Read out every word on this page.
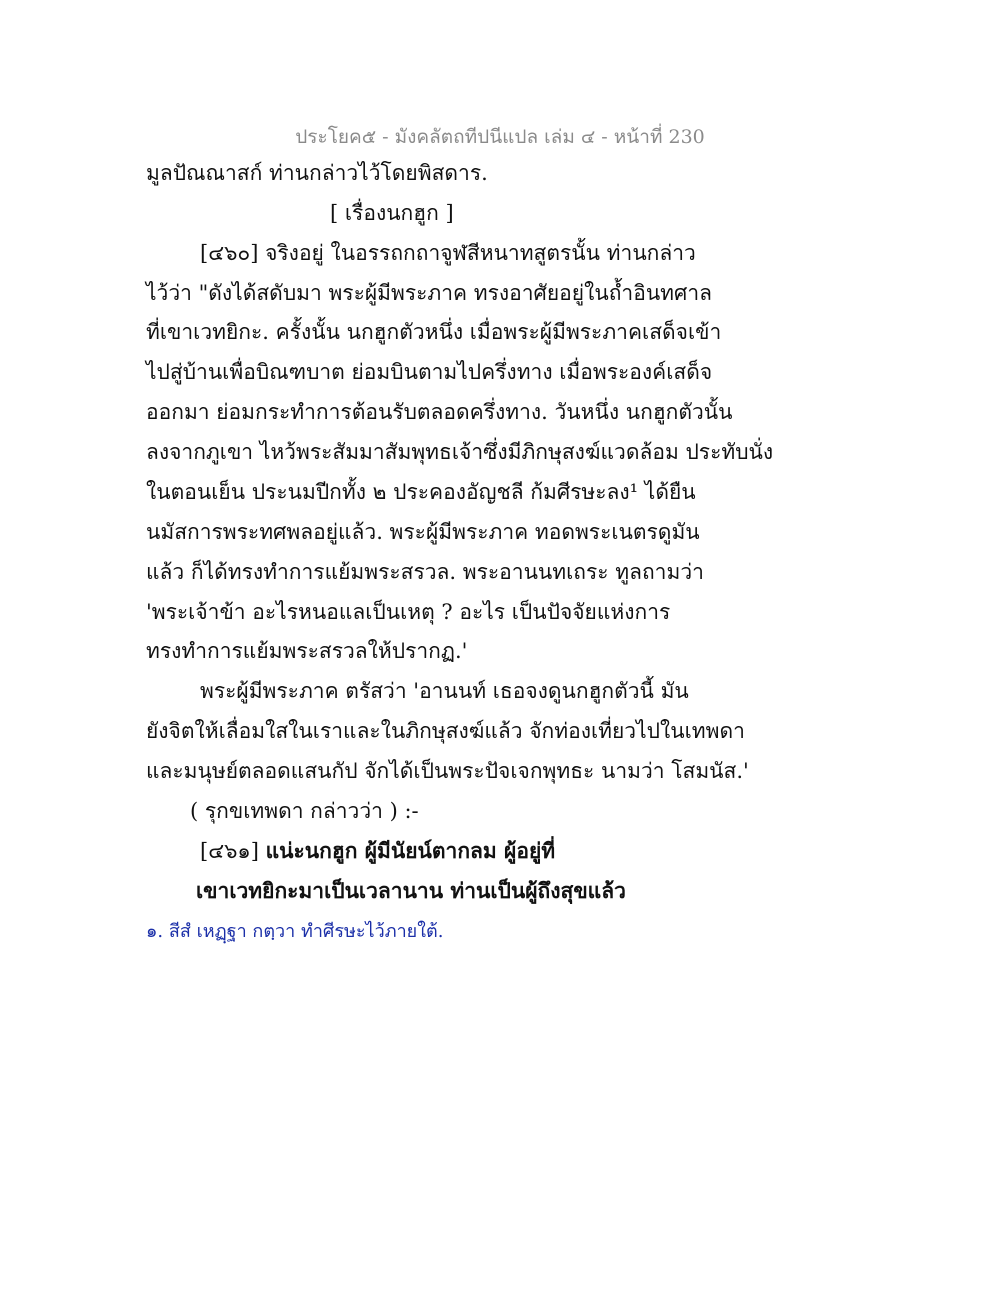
ประโยค๕ - มังคลัตถทีปนีแปล เล่ม ๔ - หน้าที่ 230
มูลปัณณาสก์ ท่านกล่าวไว้โดยพิสดาร.
[ เรื่องนกฮูก ]
[๔๖๐] จริงอยู่ ในอรรถกถาจูฬสีหนาทสูตรนั้น ท่านกล่าว
ไว้ว่า "ดังได้สดับมา พระผู้มีพระภาค ทรงอาศัยอยู่ในถ้ำอินทศาล
ที่เขาเวทยิกะ. ครั้งนั้น นกฮูกตัวหนึ่ง เมื่อพระผู้มีพระภาคเสด็จเข้า
ไปสู่บ้านเพื่อบิณฑบาต ย่อมบินตามไปครึ่งทาง เมื่อพระองค์เสด็จ
ออกมา ย่อมกระทำการต้อนรับตลอดครึ่งทาง. วันหนึ่ง นกฮูกตัวนั้น
ลงจากภูเขา ไหว้พระสัมมาสัมพุทธเจ้าซึ่งมีภิกษุสงฆ์แวดล้อม ประทับนั่ง
ในตอนเย็น ประนมปีกทั้ง ๒ ประคองอัญชลี ก้มศีรษะลง¹ ได้ยืน
นมัสการพระทศพลอยู่แล้ว. พระผู้มีพระภาค ทอดพระเนตรดูมัน
แล้ว ก็ได้ทรงทำการแย้มพระสรวล. พระอานนทเถระ ทูลถามว่า
'พระเจ้าข้า อะไรหนอแลเป็นเหตุ ? อะไร เป็นปัจจัยแห่งการ
ทรงทำการแย้มพระสรวลให้ปรากฏ.'
พระผู้มีพระภาค ตรัสว่า 'อานนท์ เธอจงดูนกฮูกตัวนี้ มัน
ยังจิตให้เลื่อมใสในเราและในภิกษุสงฆ์แล้ว จักท่องเที่ยวไปในเทพดา
และมนุษย์ตลอดแสนกัป จักได้เป็นพระปัจเจกพุทธะ นามว่า โสมนัส.'
( รุกขเทพดา กล่าวว่า ) :-
[๔๖๑] แน่ะนกฮูก ผู้มีนัยน์ตากลม ผู้อยู่ที่
เขาเวทยิกะมาเป็นเวลานาน ท่านเป็นผู้ถึงสุขแล้ว
๑. สีสํ เหฏฺฐา กตฺวา ทำศีรษะไว้ภายใต้.
